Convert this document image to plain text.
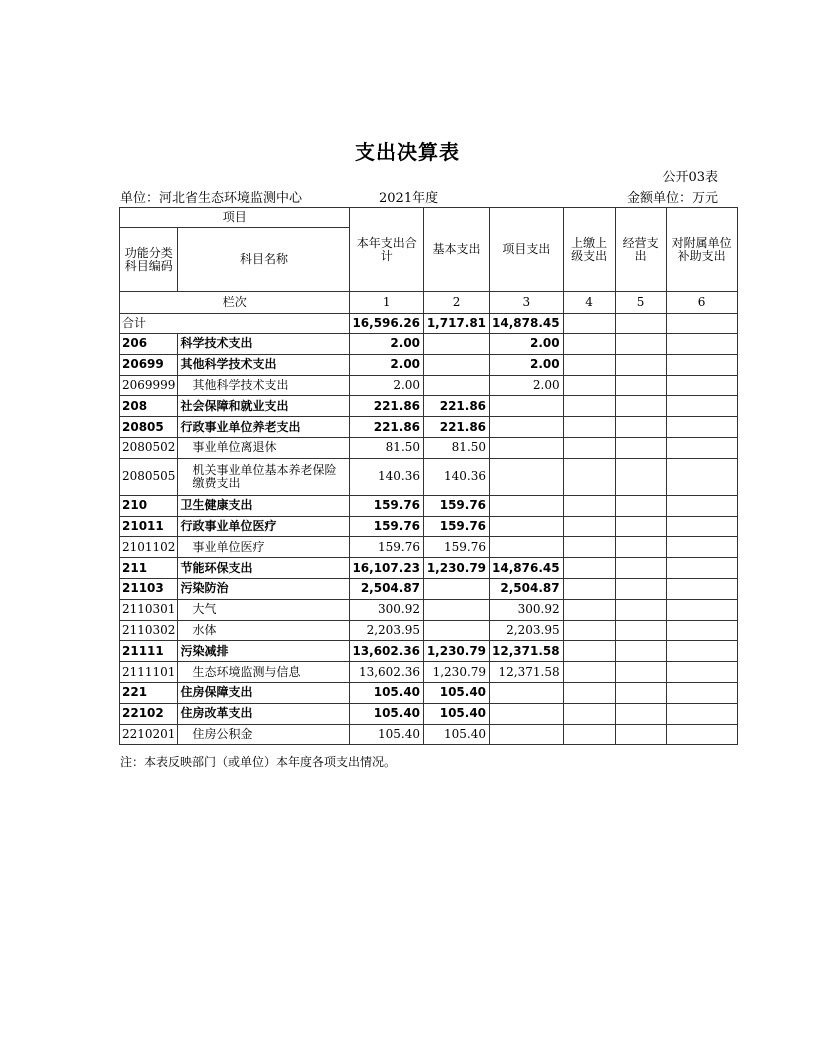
支出决算表
公开03表
单位：河北省生态环境监测中心	2021年度	金额单位：万元
项目		本年支出合计	基本支出	项目支出	上缴上级支出	经营支出	对附属单位补助支出
功能分类科目编码	科目名称						
栏次		1	2	3	4	5	6
合计		16,596.26	1,717.81	14,878.45			
206	科学技术支出	2.00		2.00			
20699	其他科学技术支出	2.00		2.00			
2069999	其他科学技术支出	2.00		2.00			
208	社会保障和就业支出	221.86	221.86				
20805	行政事业单位养老支出	221.86	221.86				
2080502	事业单位离退休	81.50	81.50				
2080505	机关事业单位基本养老保险缴费支出	140.36	140.36				
210	卫生健康支出	159.76	159.76				
21011	行政事业单位医疗	159.76	159.76				
2101102	事业单位医疗	159.76	159.76				
211	节能环保支出	16,107.23	1,230.79	14,876.45			
21103	污染防治	2,504.87		2,504.87			
2110301	大气	300.92		300.92			
2110302	水体	2,203.95		2,203.95			
21111	污染减排	13,602.36	1,230.79	12,371.58			
2111101	生态环境监测与信息	13,602.36	1,230.79	12,371.58			
221	住房保障支出	105.40	105.40				
22102	住房改革支出	105.40	105.40				
2210201	住房公积金	105.40	105.40				
注：本表反映部门（或单位）本年度各项支出情况。
